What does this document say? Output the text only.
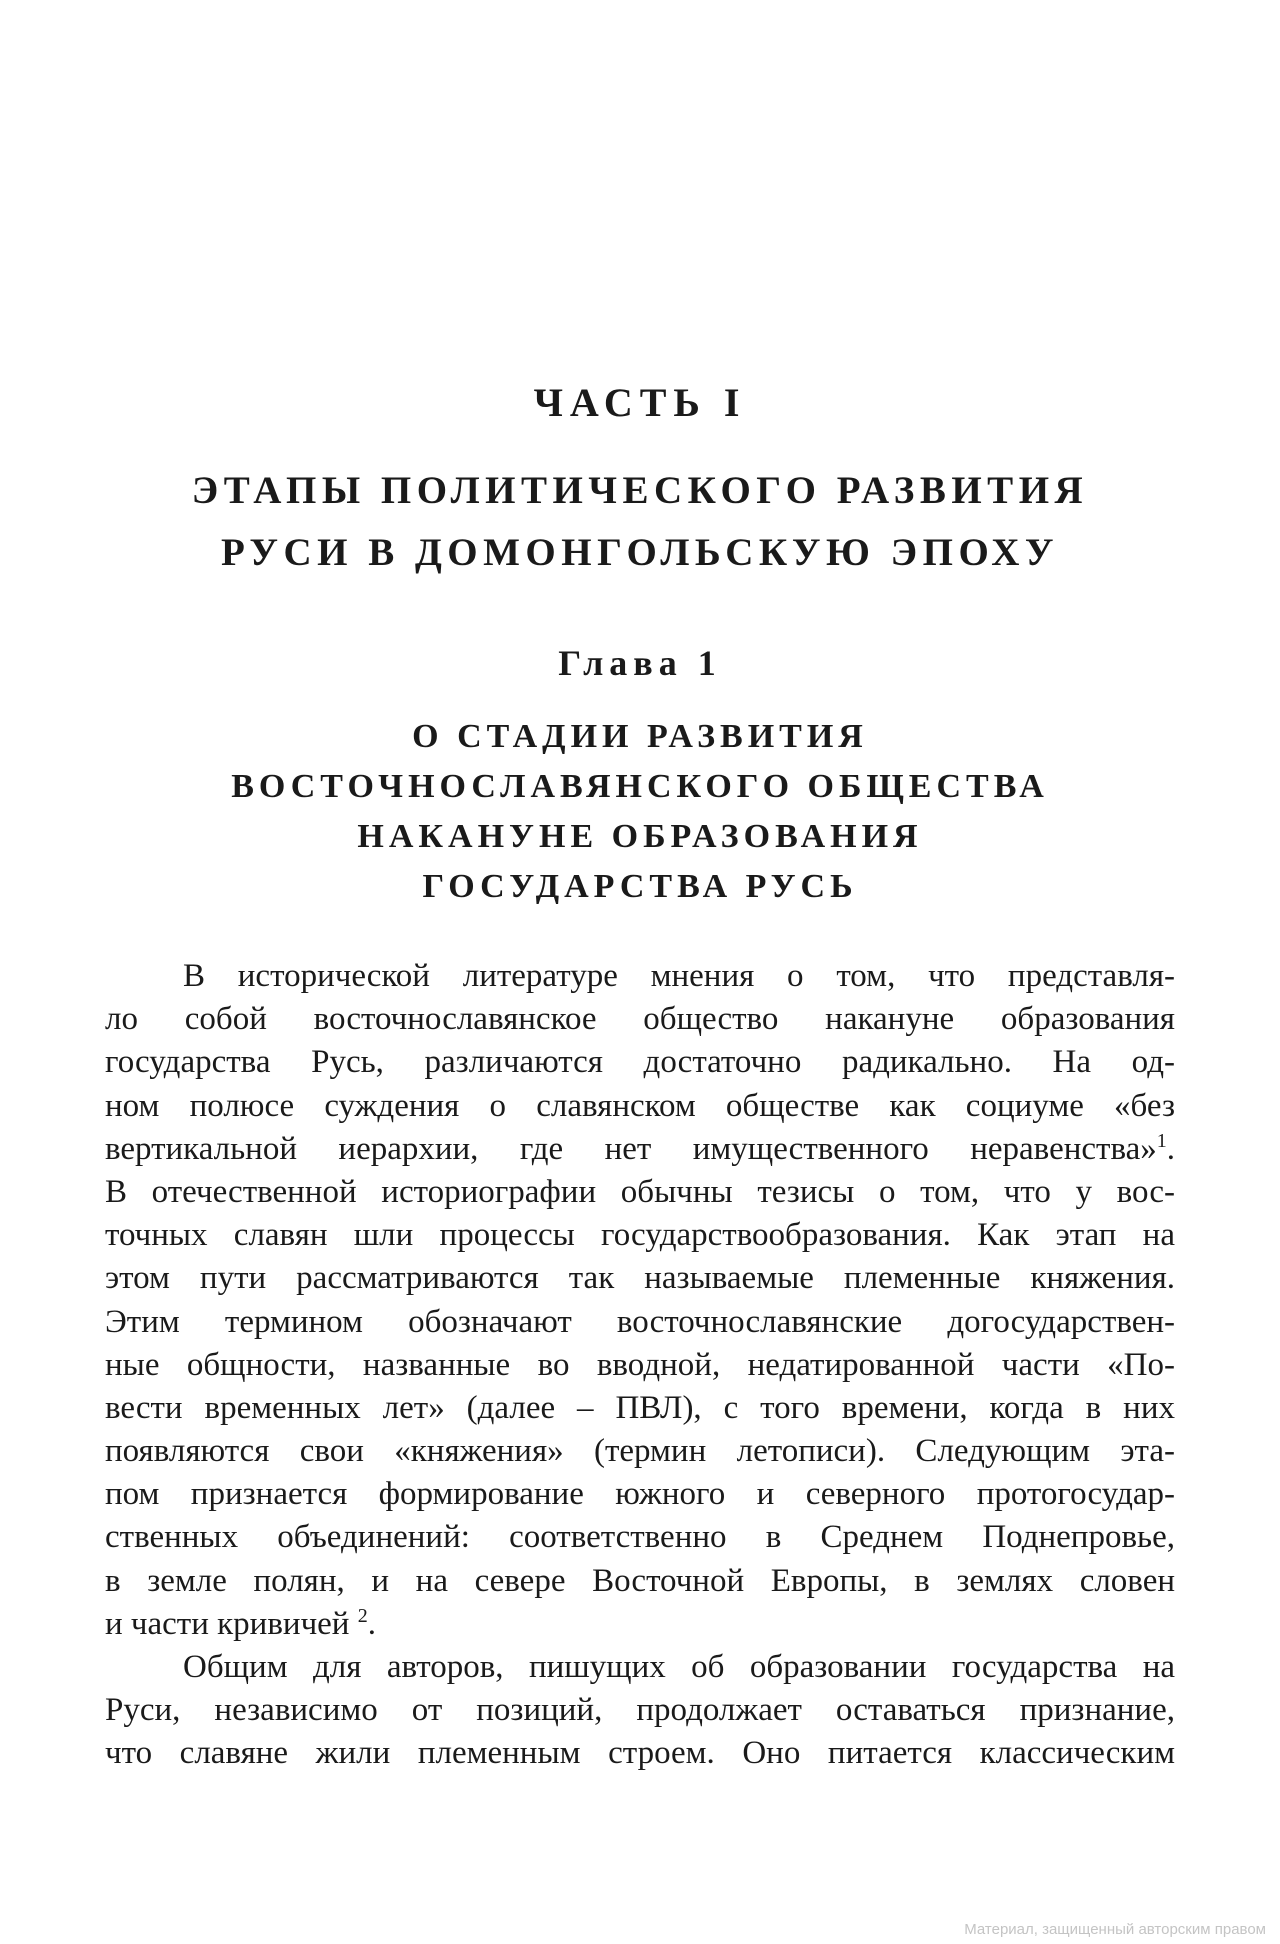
ЧАСТЬ I
ЭТАПЫ ПОЛИТИЧЕСКОГО РАЗВИТИЯ
РУСИ В ДОМОНГОЛЬСКУЮ ЭПОХУ
Глава 1
О СТАДИИ РАЗВИТИЯ
ВОСТОЧНОСЛАВЯНСКОГО ОБЩЕСТВА
НАКАНУНЕ ОБРАЗОВАНИЯ
ГОСУДАРСТВА РУСЬ
В исторической литературе мнения о том, что представля-
ло собой восточнославянское общество накануне образования
государства Русь, различаются достаточно радикально. На од-
ном полюсе суждения о славянском обществе как социуме «без
вертикальной иерархии, где нет имущественного неравенства»$^1$.
В отечественной историографии обычны тезисы о том, что у вос-
точных славян шли процессы государствообразования. Как этап на
этом пути рассматриваются так называемые племенные княжения.
Этим термином обозначают восточнославянские догосударствен-
ные общности, названные во вводной, недатированной части «По-
вести временных лет» (далее – ПВЛ), с того времени, когда в них
появляются свои «княжения» (термин летописи). Следующим эта-
пом признается формирование южного и северного протогосудар-
ственных объединений: соответственно в Среднем Поднепровье,
в земле полян, и на севере Восточной Европы, в землях словен
и части кривичей $^2$.
Общим для авторов, пишущих об образовании государства на
Руси, независимо от позиций, продолжает оставаться признание,
что славяне жили племенным строем. Оно питается классическим
Материал, защищенный авторским правом
